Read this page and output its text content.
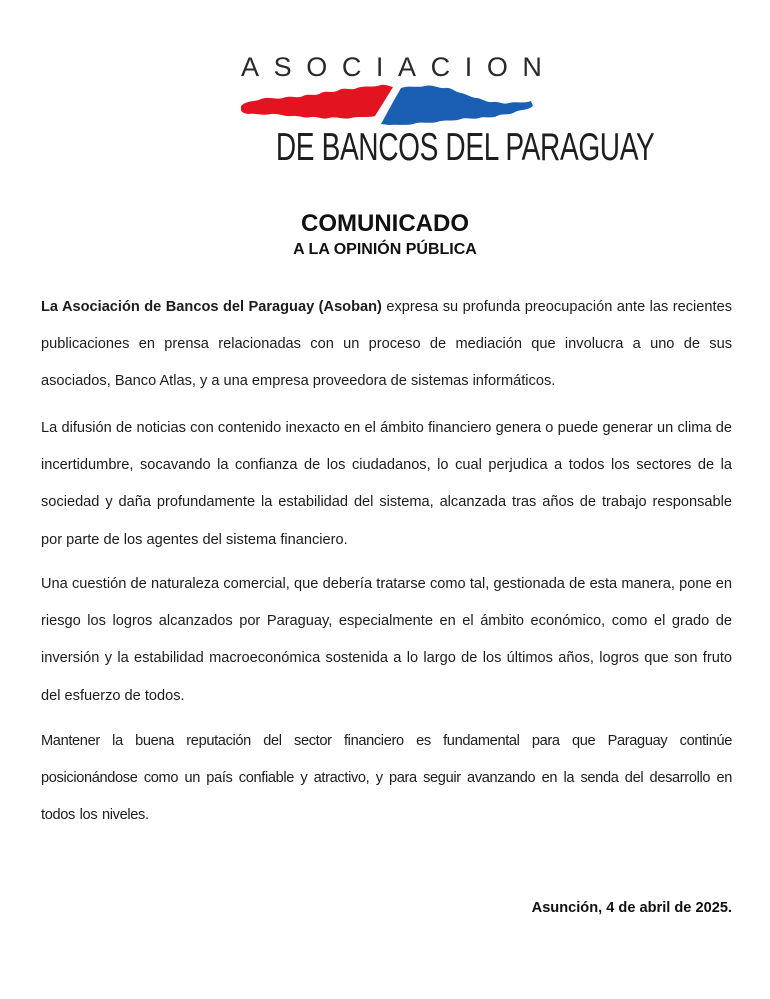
ASOCIACION
DE BANCOS DEL PARAGUAY
COMUNICADO
A LA OPINIÓN PÚBLICA

La Asociación de Bancos del Paraguay (Asoban) expresa su profunda preocupación ante las recientes publicaciones en prensa relacionadas con un proceso de mediación que involucra a uno de sus asociados, Banco Atlas, y a una empresa proveedora de sistemas informáticos.

La difusión de noticias con contenido inexacto en el ámbito financiero genera o puede generar un clima de incertidumbre, socavando la confianza de los ciudadanos, lo cual perjudica a todos los sectores de la sociedad y daña profundamente la estabilidad del sistema, alcanzada tras años de trabajo responsable por parte de los agentes del sistema financiero.

Una cuestión de naturaleza comercial, que debería tratarse como tal, gestionada de esta manera, pone en riesgo los logros alcanzados por Paraguay, especialmente en el ámbito económico, como el grado de inversión y la estabilidad macroeconómica sostenida a lo largo de los últimos años, logros que son fruto del esfuerzo de todos.

Mantener la buena reputación del sector financiero es fundamental para que Paraguay continúe posicionándose como un país confiable y atractivo, y para seguir avanzando en la senda del desarrollo en todos los niveles.

Asunción, 4 de abril de 2025.
